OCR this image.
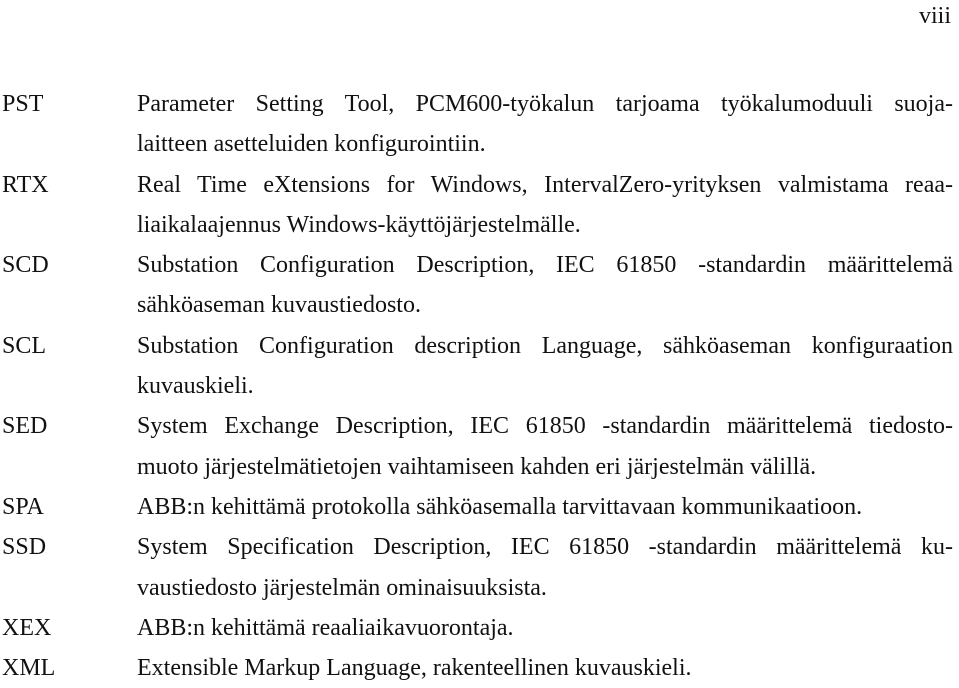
viii
PST	Parameter Setting Tool, PCM600-työkalun tarjoama työkalumoduuli suoja-
laitteen asetteluiden konfigurointiin.
RTX	Real Time eXtensions for Windows, IntervalZero-yrityksen valmistama reaa-
liaikalaajennus Windows-käyttöjärjestelmälle.
SCD	Substation Configuration Description, IEC 61850 -standardin määrittelemä
sähköaseman kuvaustiedosto.
SCL	Substation Configuration description Language, sähköaseman konfiguraation
kuvauskieli.
SED	System Exchange Description, IEC 61850 -standardin määrittelemä tiedosto-
muoto järjestelmätietojen vaihtamiseen kahden eri järjestelmän välillä.
SPA	ABB:n kehittämä protokolla sähköasemalla tarvittavaan kommunikaatioon.
SSD	System Specification Description, IEC 61850 -standardin määrittelemä ku-
vaustiedosto järjestelmän ominaisuuksista.
XEX	ABB:n kehittämä reaaliaikavuorontaja.
XML	Extensible Markup Language, rakenteellinen kuvauskieli.
